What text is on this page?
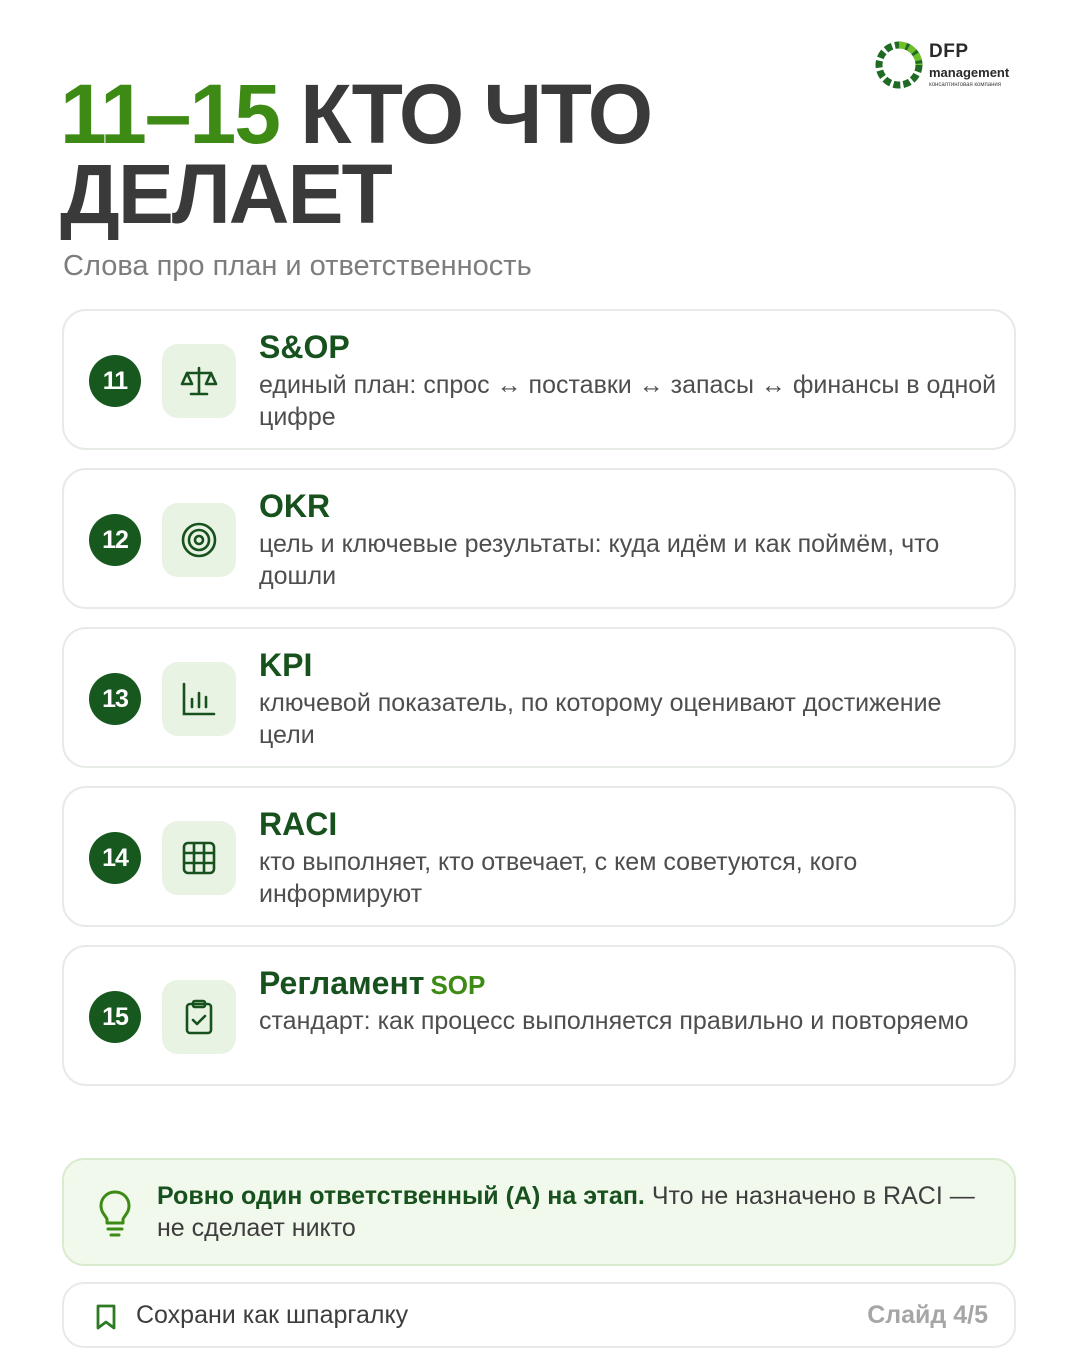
DFP
management
консалтинговая компания
11–15 КТО ЧТО
ДЕЛАЕТ
Слова про план и ответственность
11
S&OP
единый план: спрос ↔ поставки ↔ запасы ↔ финансы в одной цифре
12
OKR
цель и ключевые результаты: куда идём и как поймём, что дошли
13
KPI
ключевой показатель, по которому оценивают достижение цели
14
RACI
кто выполняет, кто отвечает, с кем советуются, кого информируют
15
Регламент SOP
стандарт: как процесс выполняется правильно и повторяемо
Ровно один ответственный (A) на этап. Что не назначено в RACI — не сделает никто
Сохрани как шпаргалку	Слайд 4/5
